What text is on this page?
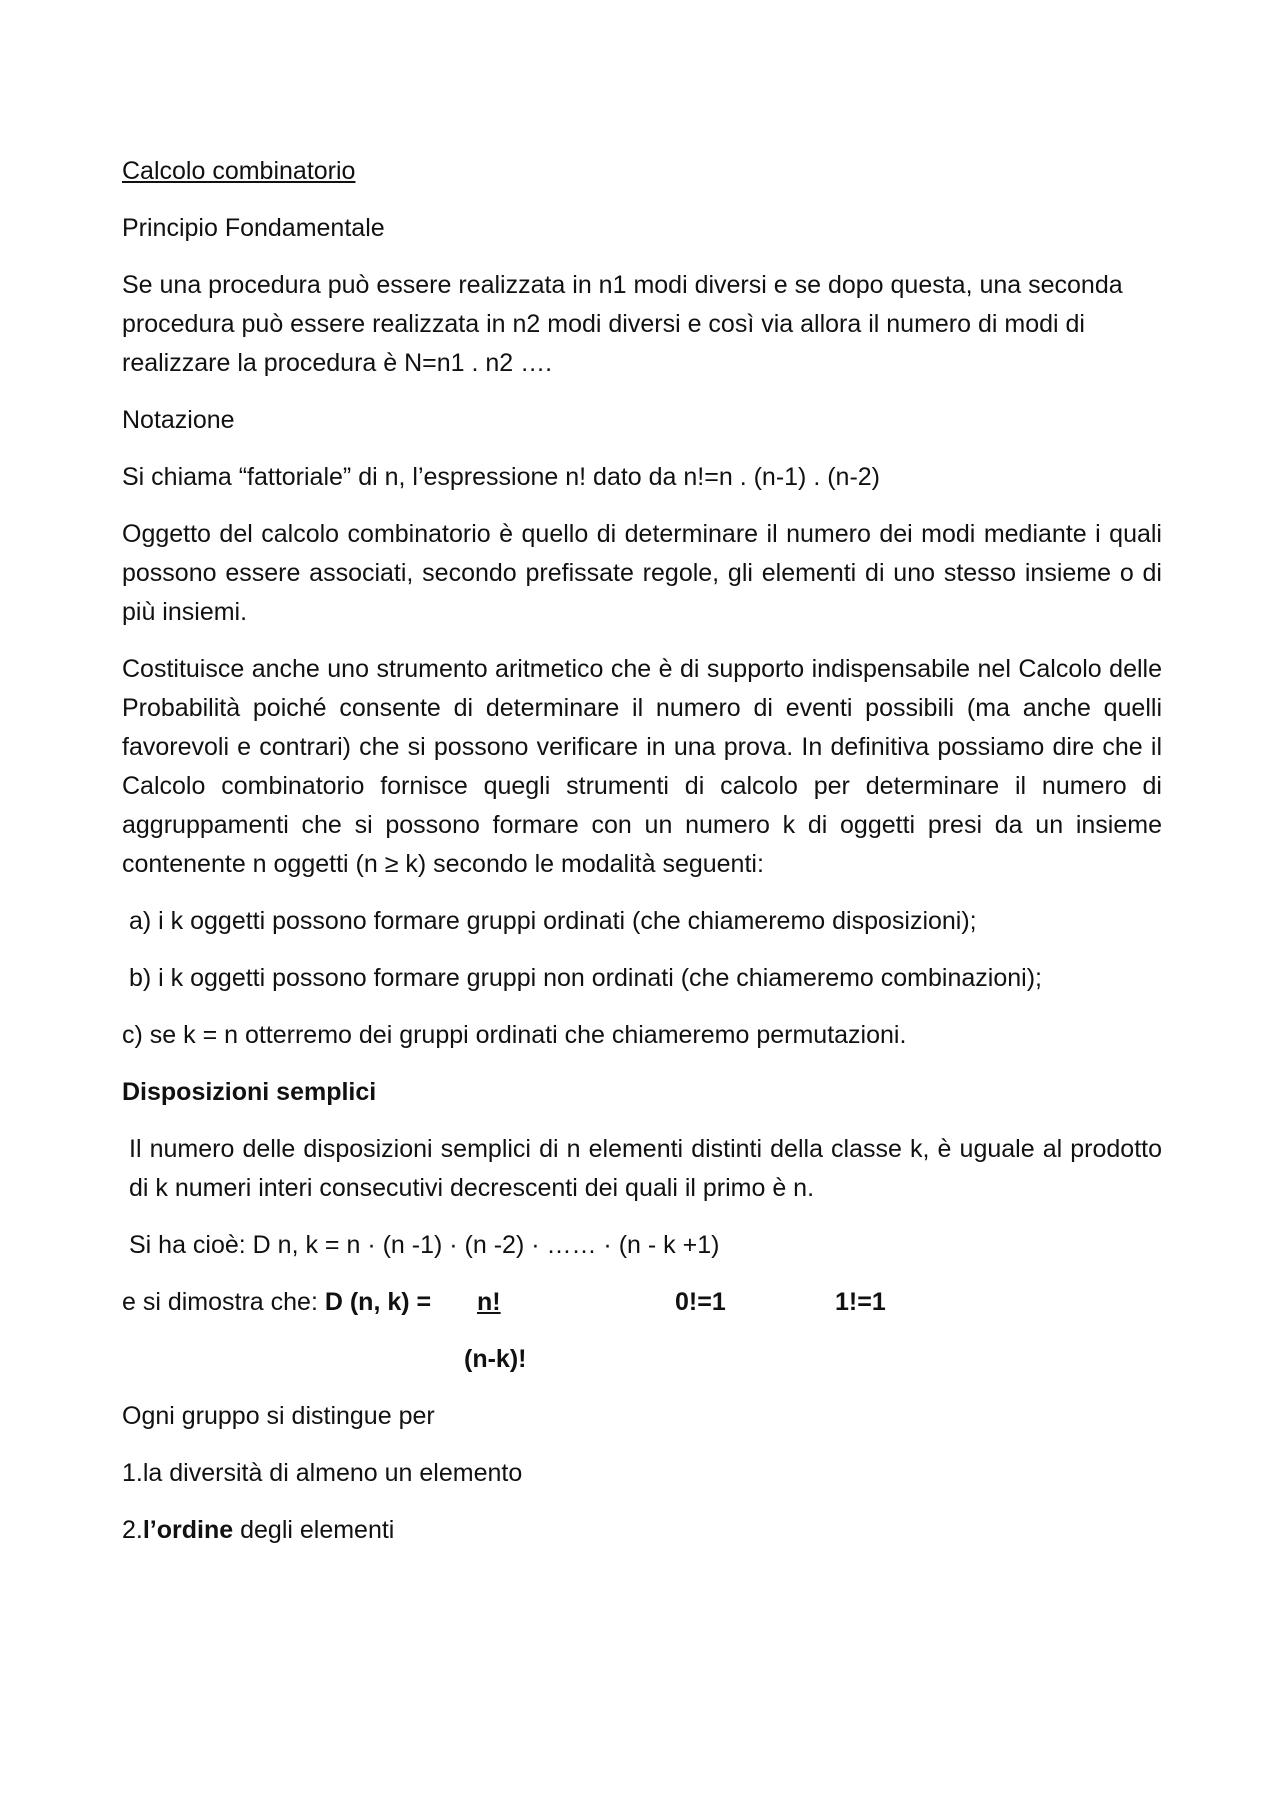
Calcolo combinatorio

Principio Fondamentale

Se una procedura può essere realizzata in n1 modi diversi e se dopo questa, una seconda procedura può essere realizzata in n2 modi diversi e così via allora il numero di modi di realizzare la procedura è N=n1 . n2 ….

Notazione

Si chiama “fattoriale” di n, l’espressione n! dato da n!=n . (n-1) . (n-2)

Oggetto del calcolo combinatorio è quello di determinare il numero dei modi mediante i quali possono essere associati, secondo prefissate regole, gli elementi di uno stesso insieme o di più insiemi.

Costituisce anche uno strumento aritmetico che è di supporto indispensabile nel Calcolo delle Probabilità poiché consente di determinare il numero di eventi possibili (ma anche quelli favorevoli e contrari) che si possono verificare in una prova. In definitiva possiamo dire che il Calcolo combinatorio fornisce quegli strumenti di calcolo per determinare il numero di aggruppamenti che si possono formare con un numero k di oggetti presi da un insieme contenente n oggetti (n ≥ k) secondo le modalità seguenti:

a) i k oggetti possono formare gruppi ordinati (che chiameremo disposizioni);

b) i k oggetti possono formare gruppi non ordinati (che chiameremo combinazioni);

c) se k = n otterremo dei gruppi ordinati che chiameremo permutazioni.

Disposizioni semplici

Il numero delle disposizioni semplici di n elementi distinti della classe k, è uguale al prodotto di k numeri interi consecutivi decrescenti dei quali il primo è n.

Si ha cioè: D n, k = n · (n -1) · (n -2) · …… · (n - k +1)

e si dimostra che: D (n, k) = n!	0!=1	1!=1
(n-k)!

Ogni gruppo si distingue per

1.la diversità di almeno un elemento

2.l’ordine degli elementi
